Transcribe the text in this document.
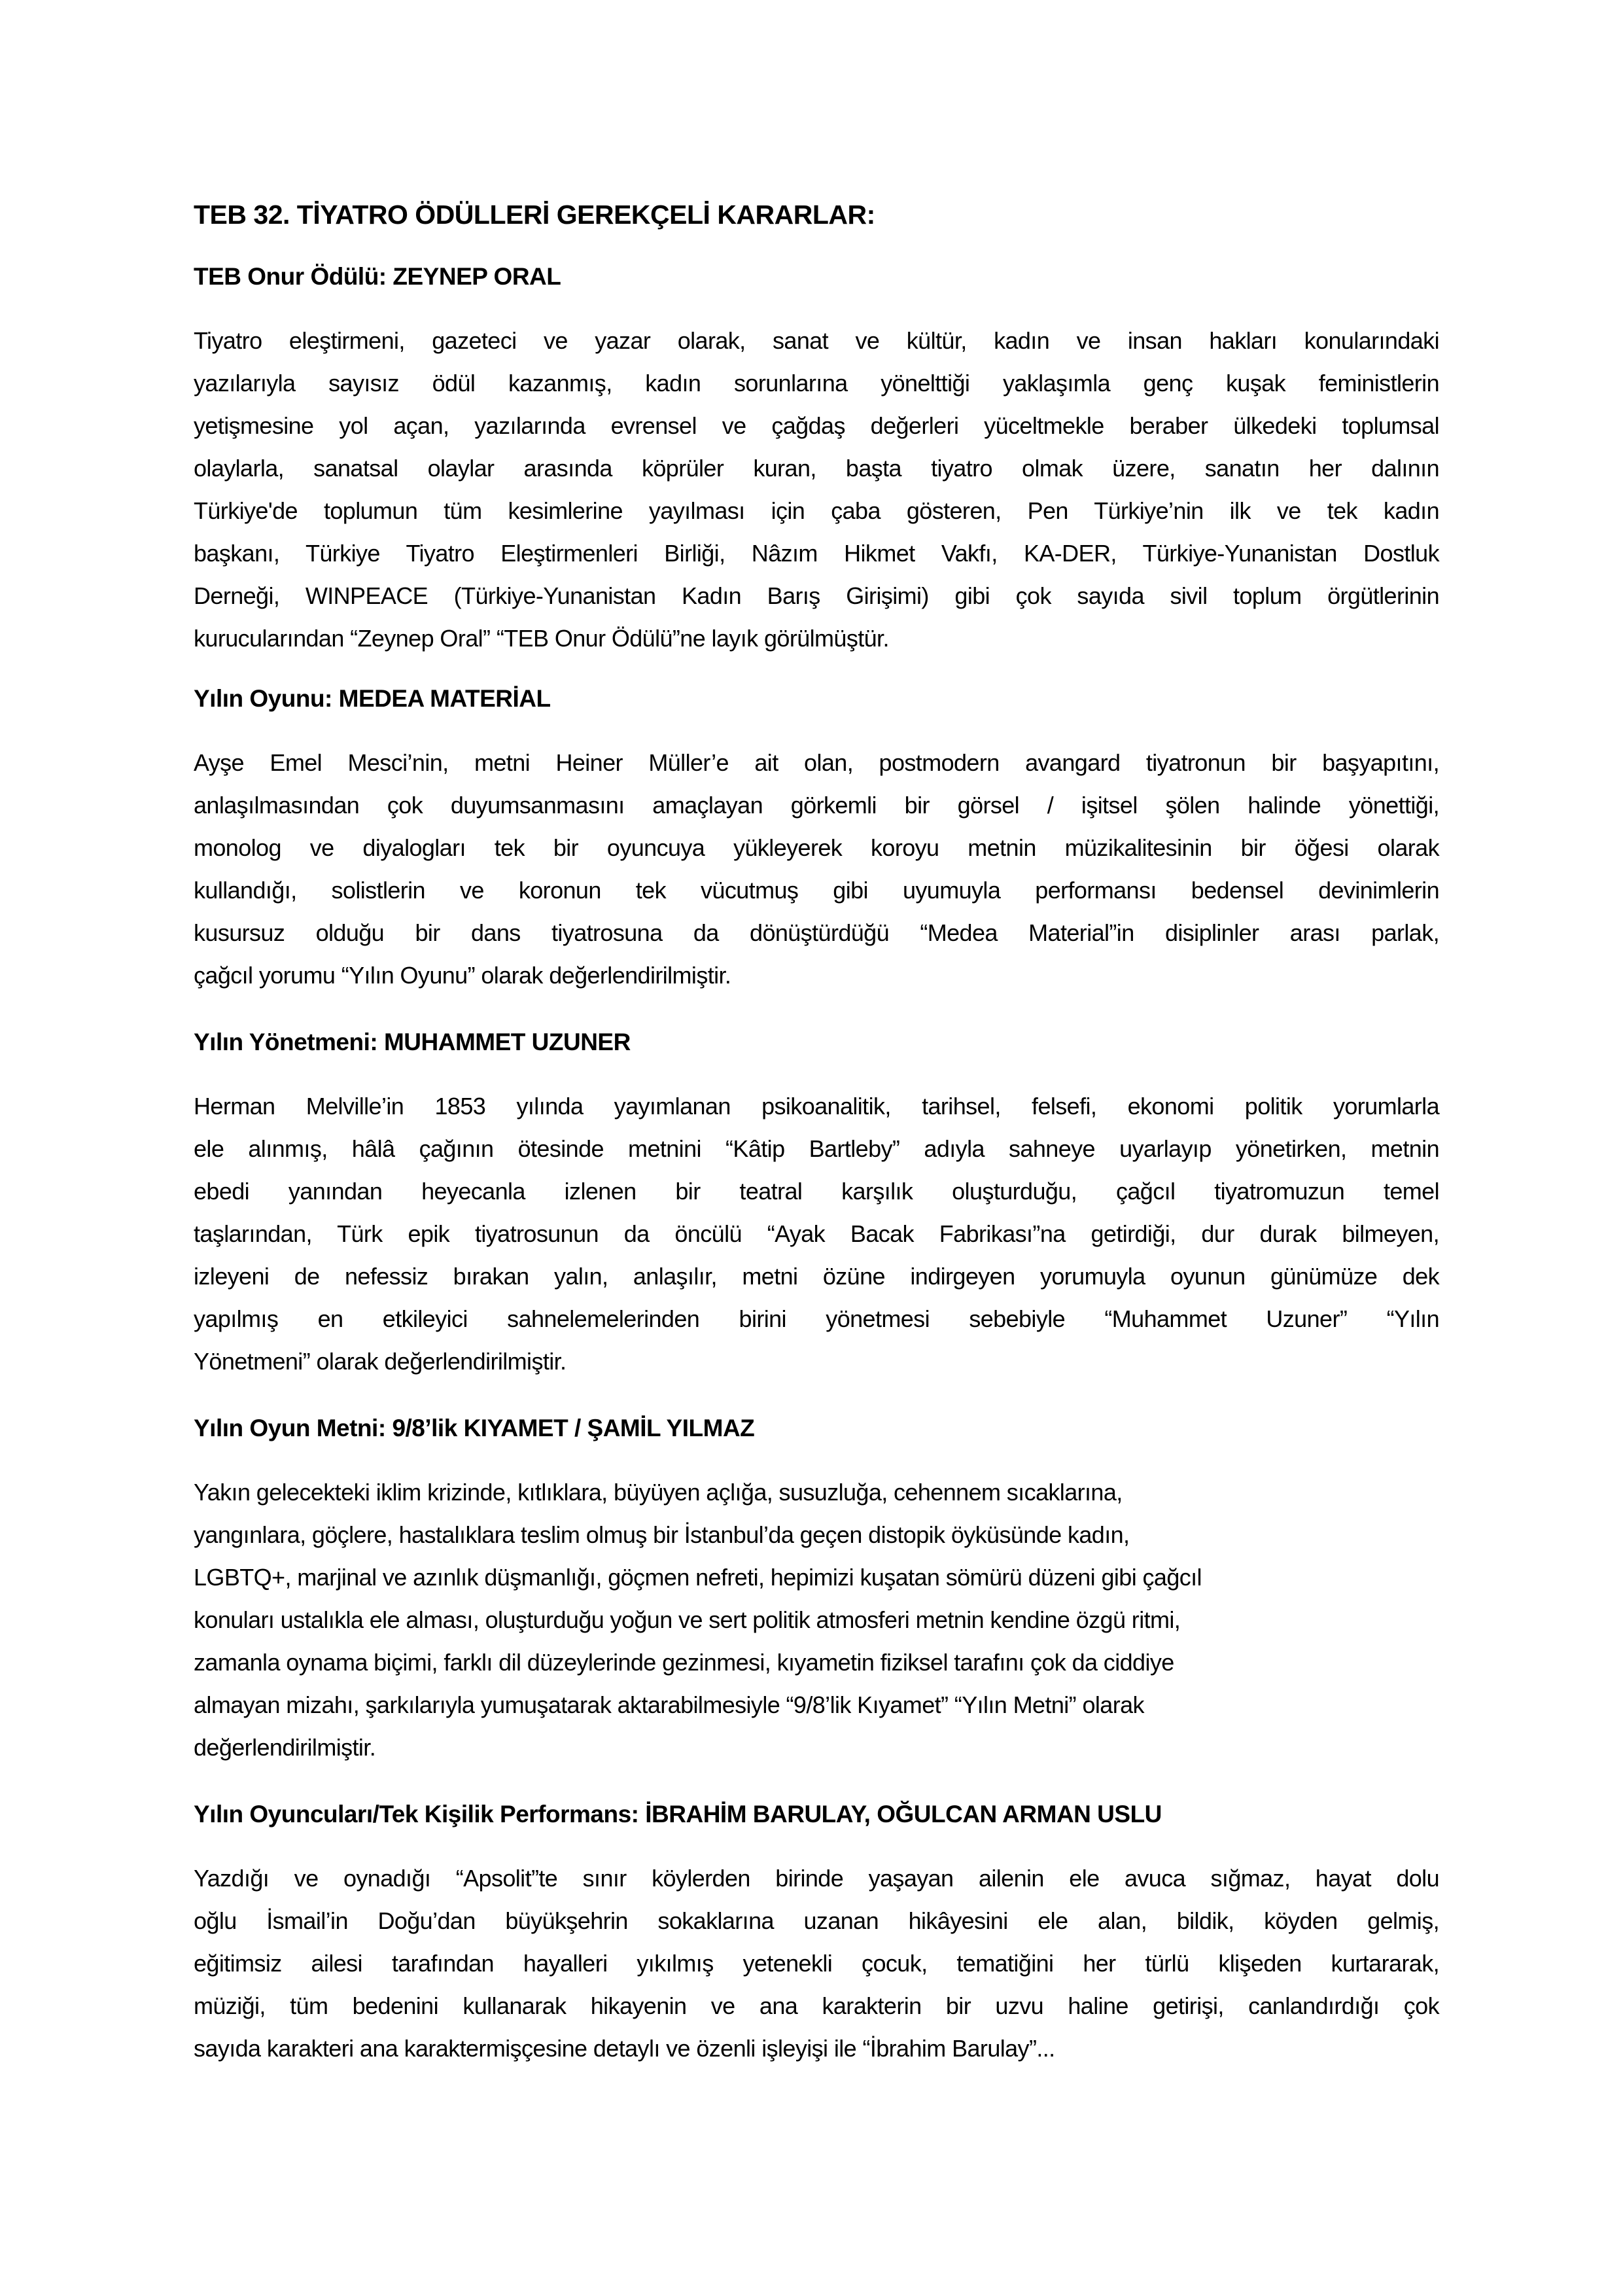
TEB 32. TİYATRO ÖDÜLLERİ GEREKÇELİ KARARLAR:
TEB Onur Ödülü: ZEYNEP ORAL
Tiyatro eleştirmeni, gazeteci ve yazar olarak, sanat ve kültür, kadın ve insan hakları konularındaki
yazılarıyla sayısız ödül kazanmış, kadın sorunlarına yönelttiği yaklaşımla genç kuşak feministlerin
yetişmesine yol açan, yazılarında evrensel ve çağdaş değerleri yüceltmekle beraber ülkedeki toplumsal
olaylarla, sanatsal olaylar arasında köprüler kuran, başta tiyatro olmak üzere, sanatın her dalının
Türkiye'de toplumun tüm kesimlerine yayılması için çaba gösteren, Pen Türkiye’nin ilk ve tek kadın
başkanı, Türkiye Tiyatro Eleştirmenleri Birliği, Nâzım Hikmet Vakfı, KA-DER, Türkiye-Yunanistan Dostluk
Derneği, WINPEACE (Türkiye-Yunanistan Kadın Barış Girişimi) gibi çok sayıda sivil toplum örgütlerinin
kurucularından “Zeynep Oral” “TEB Onur Ödülü”ne layık görülmüştür.
Yılın Oyunu: MEDEA MATERİAL
Ayşe Emel Mesci’nin, metni Heiner Müller’e ait olan, postmodern avangard tiyatronun bir başyapıtını,
anlaşılmasından çok duyumsanmasını amaçlayan görkemli bir görsel / işitsel şölen halinde yönettiği,
monolog ve diyalogları tek bir oyuncuya yükleyerek koroyu metnin müzikalitesinin bir öğesi olarak
kullandığı, solistlerin ve koronun tek vücutmuş gibi uyumuyla performansı bedensel devinimlerin
kusursuz olduğu bir dans tiyatrosuna da dönüştürdüğü “Medea Material”in disiplinler arası parlak,
çağcıl yorumu “Yılın Oyunu” olarak değerlendirilmiştir.
Yılın Yönetmeni: MUHAMMET UZUNER
Herman Melville’in 1853 yılında yayımlanan psikoanalitik, tarihsel, felsefi, ekonomi politik yorumlarla
ele alınmış, hâlâ çağının ötesinde metnini “Kâtip Bartleby” adıyla sahneye uyarlayıp yönetirken, metnin
ebedi yanından heyecanla izlenen bir teatral karşılık oluşturduğu, çağcıl tiyatromuzun temel
taşlarından, Türk epik tiyatrosunun da öncülü “Ayak Bacak Fabrikası”na getirdiği, dur durak bilmeyen,
izleyeni de nefessiz bırakan yalın, anlaşılır, metni özüne indirgeyen yorumuyla oyunun günümüze dek
yapılmış en etkileyici sahnelemelerinden birini yönetmesi sebebiyle “Muhammet Uzuner” “Yılın
Yönetmeni” olarak değerlendirilmiştir.
Yılın Oyun Metni: 9/8’lik KIYAMET / ŞAMİL YILMAZ
Yakın gelecekteki iklim krizinde, kıtlıklara, büyüyen açlığa, susuzluğa, cehennem sıcaklarına,
yangınlara, göçlere, hastalıklara teslim olmuş bir İstanbul’da geçen distopik öyküsünde kadın,
LGBTQ+, marjinal ve azınlık düşmanlığı, göçmen nefreti, hepimizi kuşatan sömürü düzeni gibi çağcıl
konuları ustalıkla ele alması, oluşturduğu yoğun ve sert politik atmosferi metnin kendine özgü ritmi,
zamanla oynama biçimi, farklı dil düzeylerinde gezinmesi, kıyametin fiziksel tarafını çok da ciddiye
almayan mizahı, şarkılarıyla yumuşatarak aktarabilmesiyle “9/8’lik Kıyamet” “Yılın Metni” olarak
değerlendirilmiştir.
Yılın Oyuncuları/Tek Kişilik Performans: İBRAHİM BARULAY, OĞULCAN ARMAN USLU
Yazdığı ve oynadığı “Apsolit”te sınır köylerden birinde yaşayan ailenin ele avuca sığmaz, hayat dolu
oğlu İsmail’in Doğu’dan büyükşehrin sokaklarına uzanan hikâyesini ele alan, bildik, köyden gelmiş,
eğitimsiz ailesi tarafından hayalleri yıkılmış yetenekli çocuk, tematiğini her türlü klişeden kurtararak,
müziği, tüm bedenini kullanarak hikayenin ve ana karakterin bir uzvu haline getirişi, canlandırdığı çok
sayıda karakteri ana karaktermişçesine detaylı ve özenli işleyişi ile “İbrahim Barulay”...
